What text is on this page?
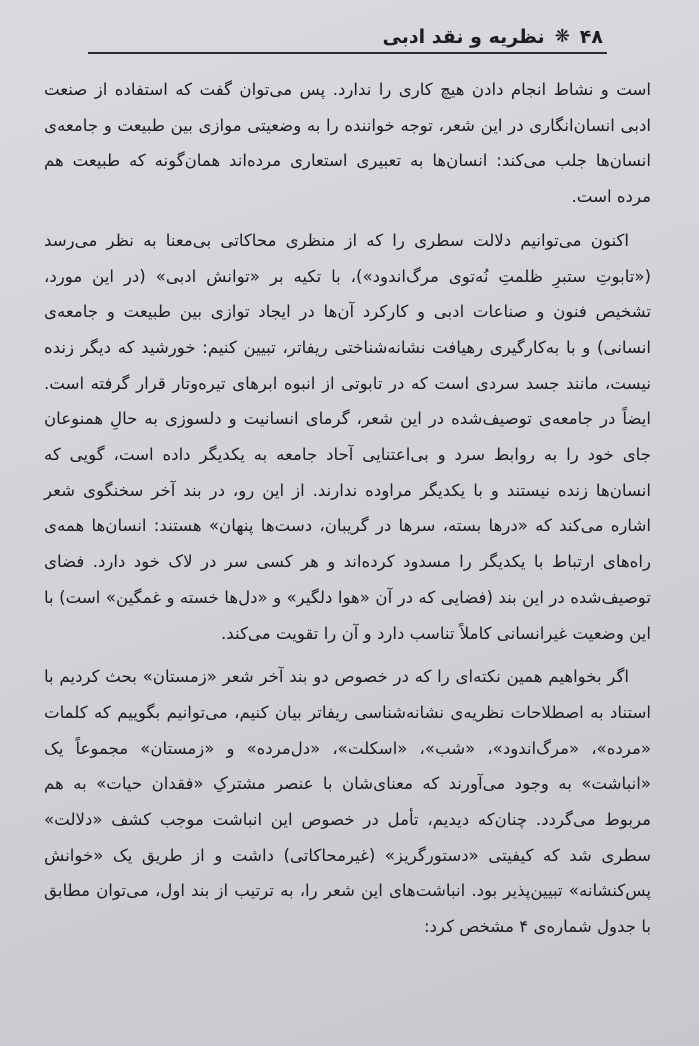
۴۸
❋
نظریه و نقد ادبی

است و نشاط انجام دادن هیچ کاری را ندارد. پس می‌توان گفت که استفاده از صنعت ادبی انسان‌انگاری در این شعر، توجه خواننده را به وضعیتی موازی بین طبیعت و جامعه‌ی انسان‌ها جلب می‌کند: انسان‌ها به تعبیری استعاری مرده‌اند همان‌گونه که طبیعت هم مرده است.

اکنون می‌توانیم دلالت سطری را که از منظری محاکاتی بی‌معنا به نظر می‌رسد («تابوتِ ستبرِ ظلمتِ نُه‌توی مرگ‌اندود»)، با تکیه بر «توانش ادبی» (در این مورد، تشخیص فنون و صناعات ادبی و کارکرد آن‌ها در ایجاد توازی بین طبیعت و جامعه‌ی انسانی) و با به‌کارگیری رهیافت نشانه‌شناختی ریفاتر، تبیین کنیم: خورشید که دیگر زنده نیست، مانند جسد سردی است که در تابوتی از انبوه ابرهای تیره‌وتار قرار گرفته است. ایضاً در جامعه‌ی توصیف‌شده در این شعر، گرمای انسانیت و دلسوزی به حالِ همنوعان جای خود را به روابط سرد و بی‌اعتنایی آحاد جامعه به یکدیگر داده است، گویی که انسان‌ها زنده نیستند و با یکدیگر مراوده ندارند. از این رو، در بند آخر سخنگوی شعر اشاره می‌کند که «درها بسته، سرها در گریبان، دست‌ها پنهان» هستند: انسان‌ها همه‌ی راه‌های ارتباط با یکدیگر را مسدود کرده‌اند و هر کسی سر در لاک خود دارد. فضای توصیف‌شده در این بند (فضایی که در آن «هوا دلگیر» و «دل‌ها خسته و غمگین» است) با این وضعیت غیرانسانی کاملاً تناسب دارد و آن را تقویت می‌کند.

اگر بخواهیم همین نکته‌ای را که در خصوص دو بند آخر شعر «زمستان» بحث کردیم با استناد به اصطلاحات نظریه‌ی نشانه‌شناسی ریفاتر بیان کنیم، می‌توانیم بگوییم که کلمات «مرده»، «مرگ‌اندود»، «شب»، «اسکلت»، «دل‌مرده» و «زمستان» مجموعاً یک «انباشت» به وجود می‌آورند که معنای‌شان با عنصر مشترکِ «فقدان حیات» به هم مربوط می‌گردد. چنان‌که دیدیم، تأمل در خصوص این انباشت موجب کشف «دلالت» سطری شد که کیفیتی «دستورگریز» (غیرمحاکاتی) داشت و از طریق یک «خوانش پس‌کنشانه» تبیین‌پذیر بود. انباشت‌های این شعر را، به ترتیب از بند اول، می‌توان مطابق با جدول شماره‌ی ۴ مشخص کرد:
